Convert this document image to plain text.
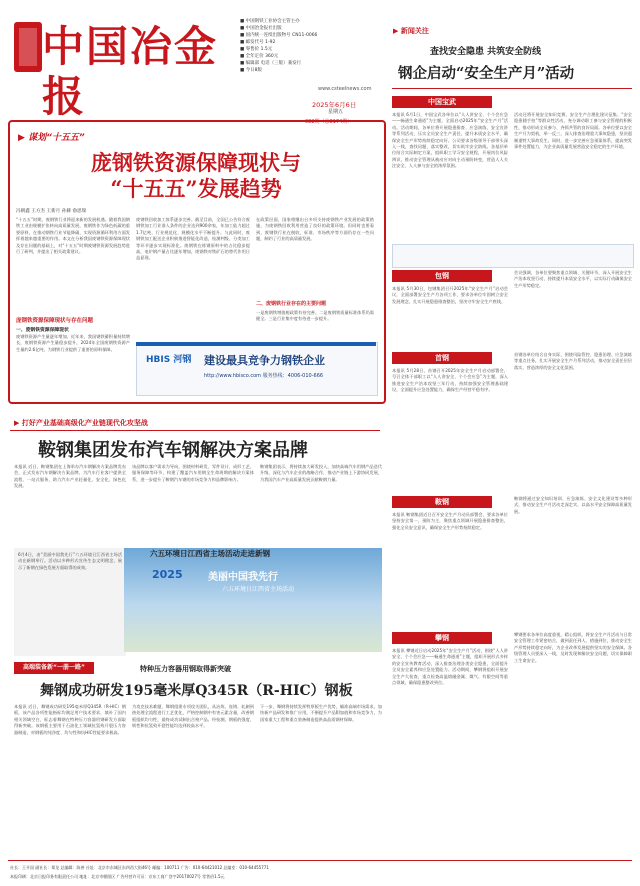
中国冶金报
■ 中国钢铁工业协会主管主办
■ 中国冶金报社出版
■ 国内统一连续出版物号 CN11-0066
■ 邮发代号 1-92
■ 零售价 1.5元
■ 全年定价 360元
■ 编辑部 电话（三版）兼发行
■ 今日8版
www.csteelnews.com
2025年6月6日
星期五
082期（总8174期）
▶ 新闻关注
查找安全隐患 共筑安全防线
钢企启动“安全生产月”活动
中国宝武
本报讯 6月1日，中国宝武各单位以“人人讲安全、个个会应急——畅通生命通道”为主题，全面启动2025年“安全生产月”活动。活动期间，各单位将开展隐患排查、应急演练、安全宣讲等系列活动，压实全员安全生产责任，提升本质安全水平，确保安全生产形势持续稳定向好。公司要求各级领导干部带头深入一线，查找问题、落实整改，切实筑牢安全防线。各基层单位结合实际制定方案，组织职工学习安全规程，开展岗位风险辨识，推动安全管理从被动应对向主动预防转变，营造人人关注安全、人人参与安全的浓厚氛围。
活动还将开展安全知识竞赛、安全生产合理化建议征集、“安全隐患随手拍”等群众性活动，充分调动职工参与安全管理的积极性，推动形成全员参与、齐抓共管的良好局面。各单位要以安全生产月为契机，举一反三，深入排查治理重大事故隐患，坚决遏制重特大事故发生。同时，进一步完善应急预案体系，提高突发事件处置能力，为企业高质量发展营造安全稳定的生产环境。
包钢
本报讯 5月30日，包钢集团召开2025年“安全生产月”启动会议，全面部署安全生产月各项工作，要求各单位牢固树立安全发展理念，扎实开展隐患排查整治，坚决守牢安全生产底线。
会议强调，各单位要聚焦重点领域、关键环节，深入开展安全生产治本攻坚行动，持续提升本质安全水平，以实际行动确保安全生产形势稳定。
首钢
本报讯 5月28日，首钢召开2025年安全生产月启动部署会，号召全体干部职工以“人人讲安全、个个会应急”为主题，深入推进安全生产治本攻坚三年行动，持续加强安全管理基础建设，全面提升应急处置能力，确保生产经营平稳有序。
首钢各单位结合自身实际，围绕风险管控、隐患治理、应急演练等重点任务，扎实开展安全生产月系列活动，推动安全责任层层落实，营造浓厚的安全文化氛围。
鞍钢
本报讯 鞍钢集团近日召开安全生产月动员部署会，要求各单位坚持安全第一、预防为主，聚焦重点领域开展隐患排查整治，强化全员安全意识，确保安全生产形势持续稳定。
鞍钢将通过安全知识培训、应急演练、安全文化建设等多种形式，推动安全生产月活动走深走实，以高水平安全保障高质量发展。
攀钢
本报讯 攀钢近日启动2025年“安全生产月”活动，围绕“人人讲安全、个个会应急——畅通生命通道”主题，组织开展形式多样的安全宣传教育活动，深入排查治理各类安全隐患，全面提升全员安全素养和应急处置能力。活动期间，攀钢将组织开展安全生产大检查，重点检查高温熔融金属、煤气、有限空间等重点领域，确保隐患整改到位。
攀钢要求各单位高度重视，精心组织，将安全生产月活动与日常安全管理工作紧密结合，做到责任到人、措施到位，推动安全生产形势持续稳定向好，为企业改革发展提供坚实的安全保障。各级管理人员要深入一线，及时发现和解决安全问题，切实保障职工生命安全。
▶ 谋划“十五五”
庞钢铁资源保障现状与
“十五五”发展趋势
冯朝鑫 王方杰 王新月 孙赫 俞思瑞
“十五五”时期，废钢铁行业将迎来新的发展机遇。随着我国钢铁工业由规模扩张转向高质量发展，废钢铁作为绿色低碳的重要原料，在推动钢铁行业节能降碳、实现资源循环利用方面发挥着越来越重要的作用。本文在分析我国废钢铁资源保障现状及存在问题的基础上，对“十五五”时期废钢铁资源发展趋势进行了研判，并提出了相关政策建议。
庞钢铁资源保障现状与存在问题
一、废钢铁资源保障现状
废钢铁资源产生量逐年增加。近年来，我国钢铁蓄积量持续增长，废钢铁资源产生量稳步提升，2024年全国废钢铁资源产生量约2.6亿吨，为钢铁行业提供了重要的原料保障。
废钢铁回收加工体系逐步完善。截至目前，全国已公告符合废钢铁加工行业准入条件的企业达到900余家，年加工能力超过1.7亿吨，行业规范化、规模化水平不断提升。与此同时，废钢铁加工配送企业积极推进智能化改造，检测判级、分类加工等环节逐步实现标准化。废钢铁在炼钢原料中的占比稳步提高，电炉钢产量占比逐年增加，废钢铁对铁矿石的替代作用日益显现。
在政策层面，国家相继出台多项支持废钢铁产业发展的政策措施，为废钢铁回收利用营造了良好的政策环境。但同时也要看到，废钢铁行业在税收、标准、市场秩序等方面仍存在一些问题，制约了行业的高质量发展。
二、废钢铁行业存在的主要问题
一是废钢铁增值税政策有待完善。二是废钢铁质量标准体系仍需健全。三是行业集中度有待进一步提升。
HBIS 河钢 建设最具竞争力钢铁企业
http://www.hbisco.com 服务热线：4006-010-666
▶ 打好产业基础高级化产业链现代化攻坚战
鞍钢集团发布汽车钢解决方案品牌
本报讯 近日，鞍钢集团在上海举办汽车钢解决方案品牌发布会，正式发布汽车钢解决方案品牌，为汽车行业客户提供全流程、一站式服务，助力汽车产业轻量化、安全化、绿色化发展。
该品牌以客户需求为导向，围绕材料研发、零件设计、成形工艺、服务保障等环节，构建了覆盖汽车用钢全生命周期的解决方案体系，进一步提升了鞍钢汽车钢的市场竞争力和品牌影响力。
鞍钢集团表示，将持续加大研发投入，加快高端汽车用钢产品迭代升级，深化与汽车企业的战略合作，推动产业链上下游协同发展，为我国汽车产业高质量发展贡献鞍钢力量。
6月4日，由“美丽中国我先行”六五环境日江西省主场活动在新钢举行。活动以多种形式宣传生态文明理念，展示了新钢在绿色发展方面取得的成效。
六五环境日江西省主场活动走进新钢
2025	美丽中国我先行
六五环境日江西省主场活动
高端装备新“一册一路”	特种压力容器用钢取得新突破
舞钢成功研发195毫米厚Q345R（R-HIC）钢板
本报讯 近日，舞钢成功研发195毫米厚Q345R（R-HIC）钢板，该产品各项性能指标均满足用户技术要求，填补了国内相关领域空白，标志着舞钢在特种压力容器用钢研发方面取得新突破。该钢板主要用于石油化工领域抗氢致开裂压力容器制造，对钢板的纯净度、均匀性和抗HIC性能要求极高。
为攻克技术难题，舞钢组建专项攻关团队，从冶炼、连铸、轧制到热处理全流程进行工艺优化，严格控制钢中有害元素含量，改善钢板组织均匀性，最终成功试制出合格产品。经检测，钢板的强度、韧性和抗氢致开裂性能均达到较高水平。
下一步，舞钢将持续发挥特厚板生产优势，瞄准高端市场需求，加快新产品研发和推广应用，不断提升产品附加值和市场竞争力，为国家重大工程和重点装备制造提供高品质钢材保障。
社长：王开国 副社长：郑龙 总编辑：陈善 社址：北京市东城区东四西大街46号 邮编：100711 广告：010-64421012 总编室：010-64455771
本报印刷：北京日报印务有限责任公司 地址：北京市朝阳区 广告经营许可证：京东工商广登字20170027号 零售价1.5元
